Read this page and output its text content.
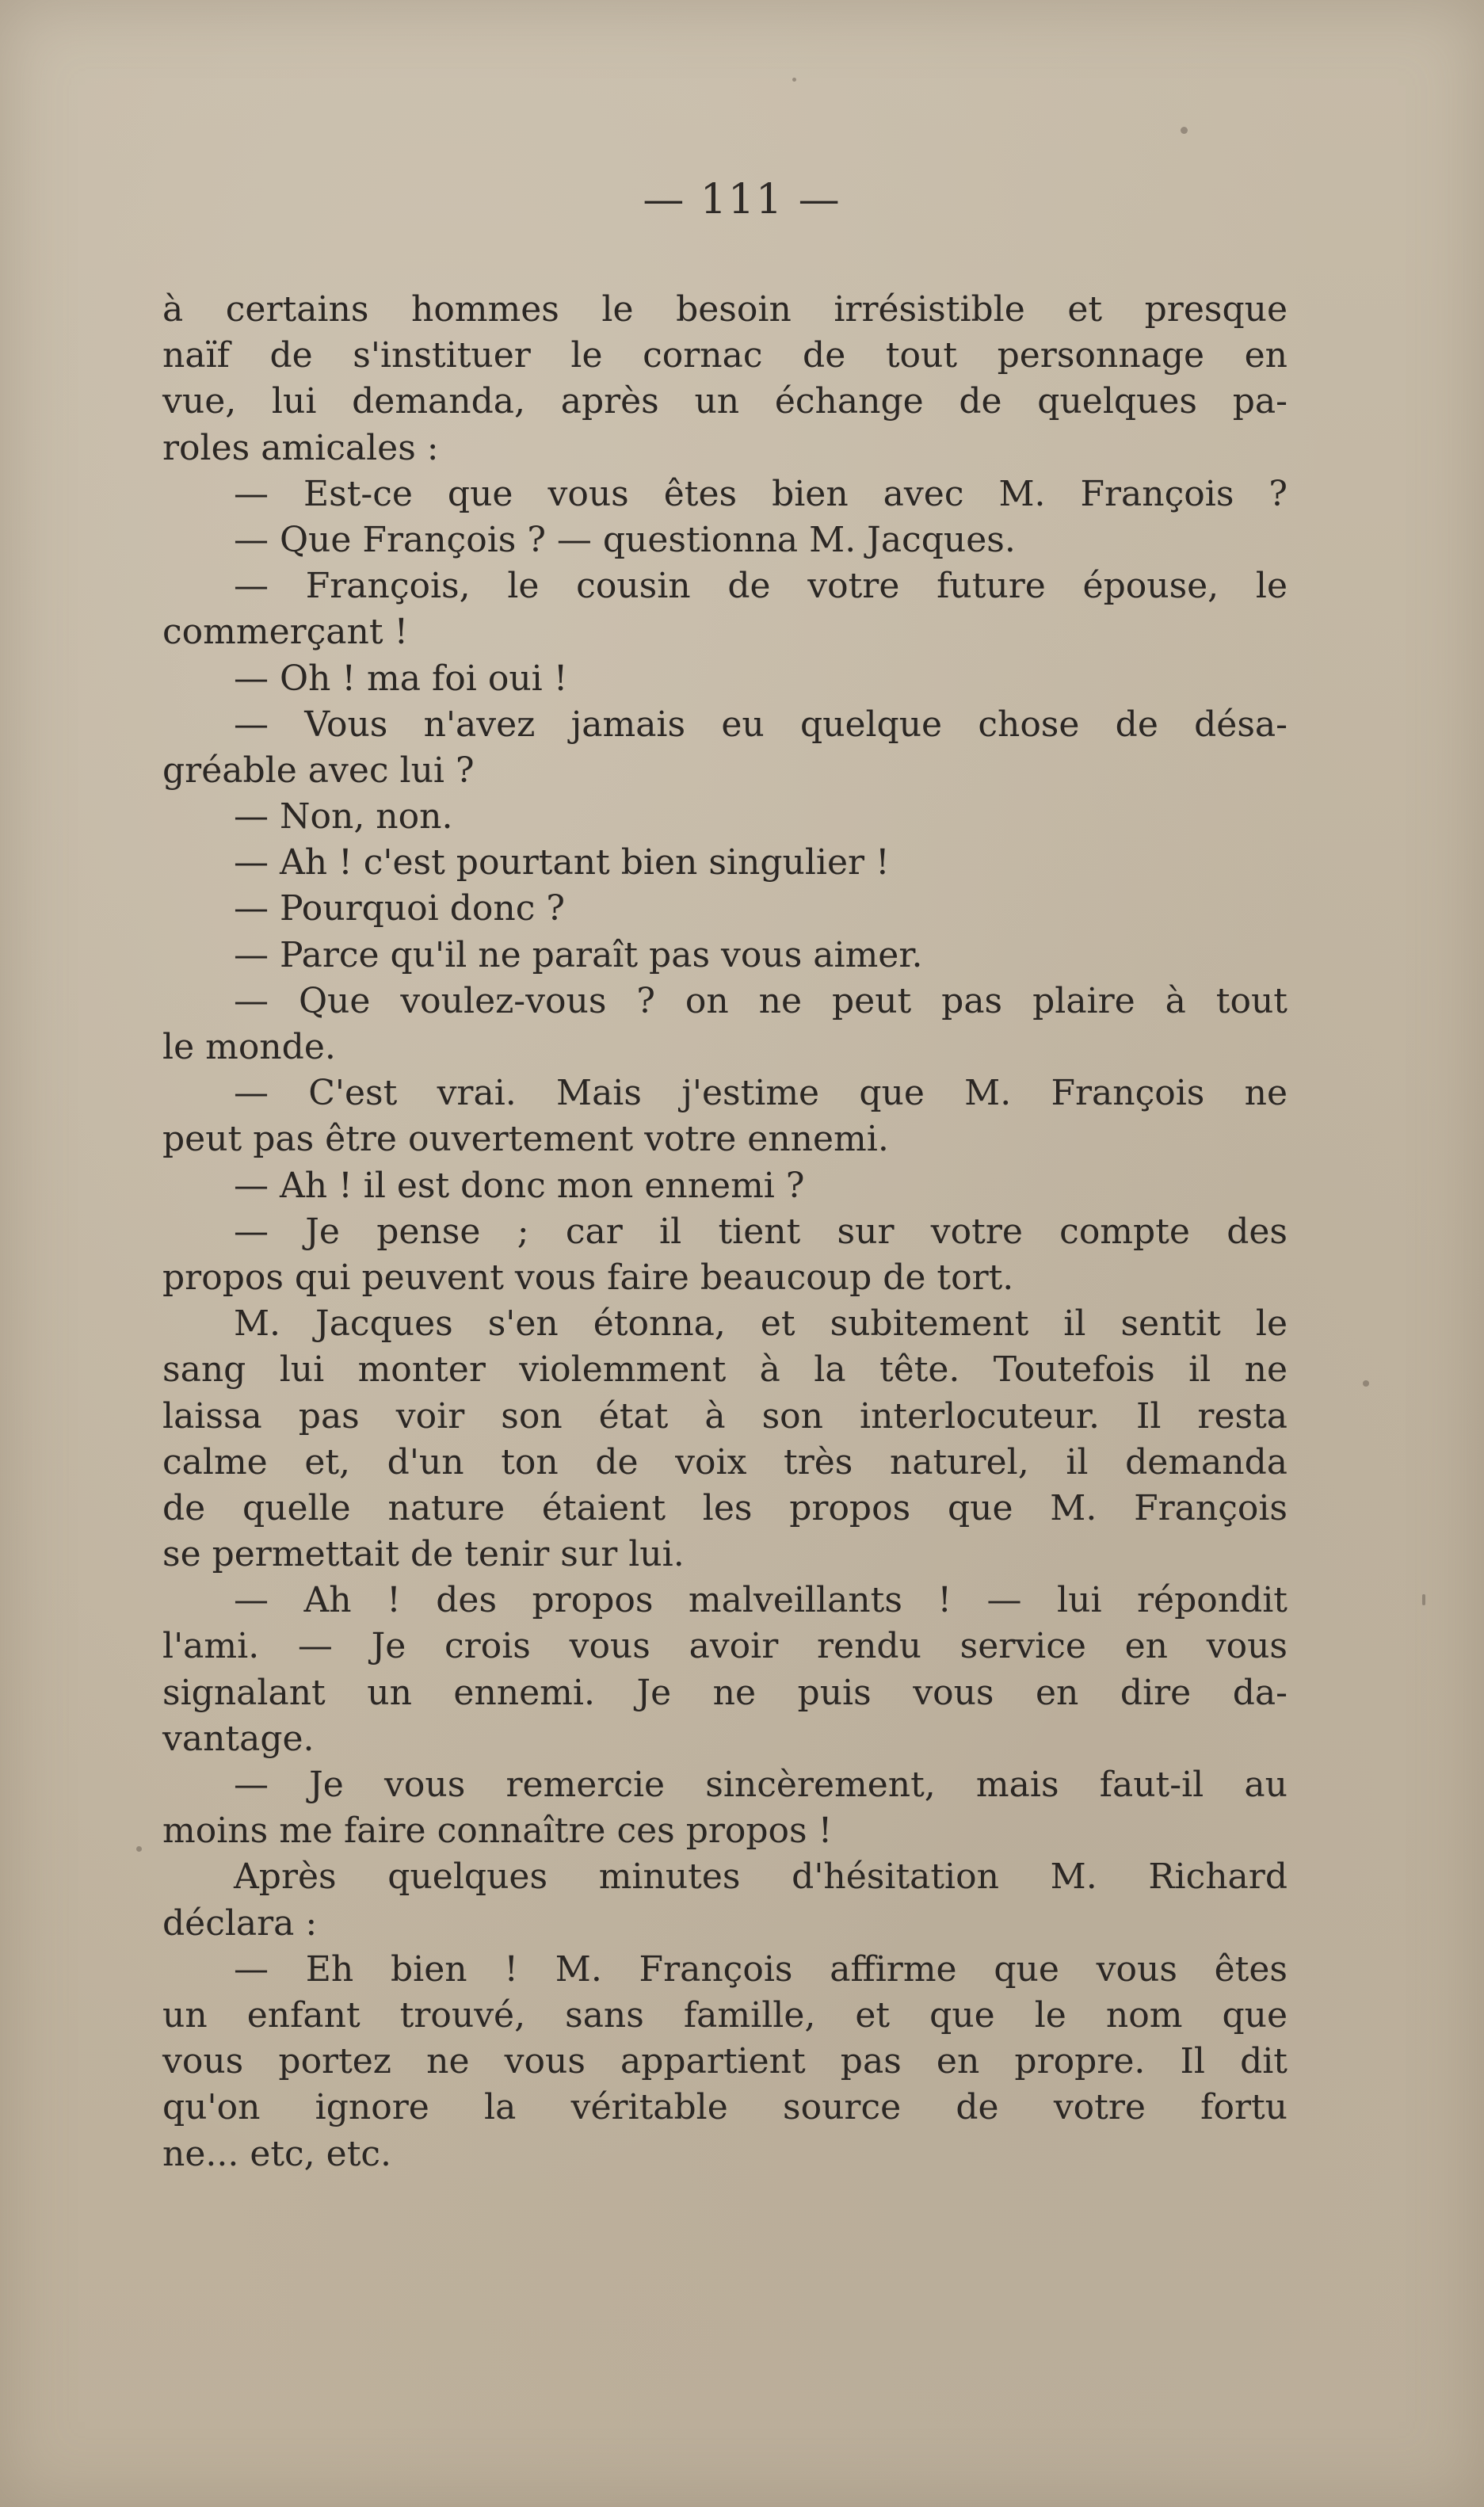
— 111 —
à certains hommes le besoin irrésistible et presque
naïf de s'instituer le cornac de tout personnage en
vue, lui demanda, après un échange de quelques pa-
roles amicales :
— Est-ce que vous êtes bien avec M. François ?
— Que François ? — questionna M. Jacques.
— François, le cousin de votre future épouse, le
commerçant !
— Oh ! ma foi oui !
— Vous n'avez jamais eu quelque chose de désa-
gréable avec lui ?
— Non, non.
— Ah ! c'est pourtant bien singulier !
— Pourquoi donc ?
— Parce qu'il ne paraît pas vous aimer.
— Que voulez-vous ? on ne peut pas plaire à tout
le monde.
— C'est vrai. Mais j'estime que M. François ne
peut pas être ouvertement votre ennemi.
— Ah ! il est donc mon ennemi ?
— Je pense ; car il tient sur votre compte des
propos qui peuvent vous faire beaucoup de tort.
M. Jacques s'en étonna, et subitement il sentit le
sang lui monter violemment à la tête. Toutefois il ne
laissa pas voir son état à son interlocuteur. Il resta
calme et, d'un ton de voix très naturel, il demanda
de quelle nature étaient les propos que M. François
se permettait de tenir sur lui.
— Ah ! des propos malveillants ! — lui répondit
l'ami. — Je crois vous avoir rendu service en vous
signalant un ennemi. Je ne puis vous en dire da-
vantage.
— Je vous remercie sincèrement, mais faut-il au
moins me faire connaître ces propos !
Après quelques minutes d'hésitation M. Richard
déclara :
— Eh bien ! M. François affirme que vous êtes
un enfant trouvé, sans famille, et que le nom que
vous portez ne vous appartient pas en propre. Il dit
qu'on ignore la véritable source de votre fortu
ne... etc, etc.
